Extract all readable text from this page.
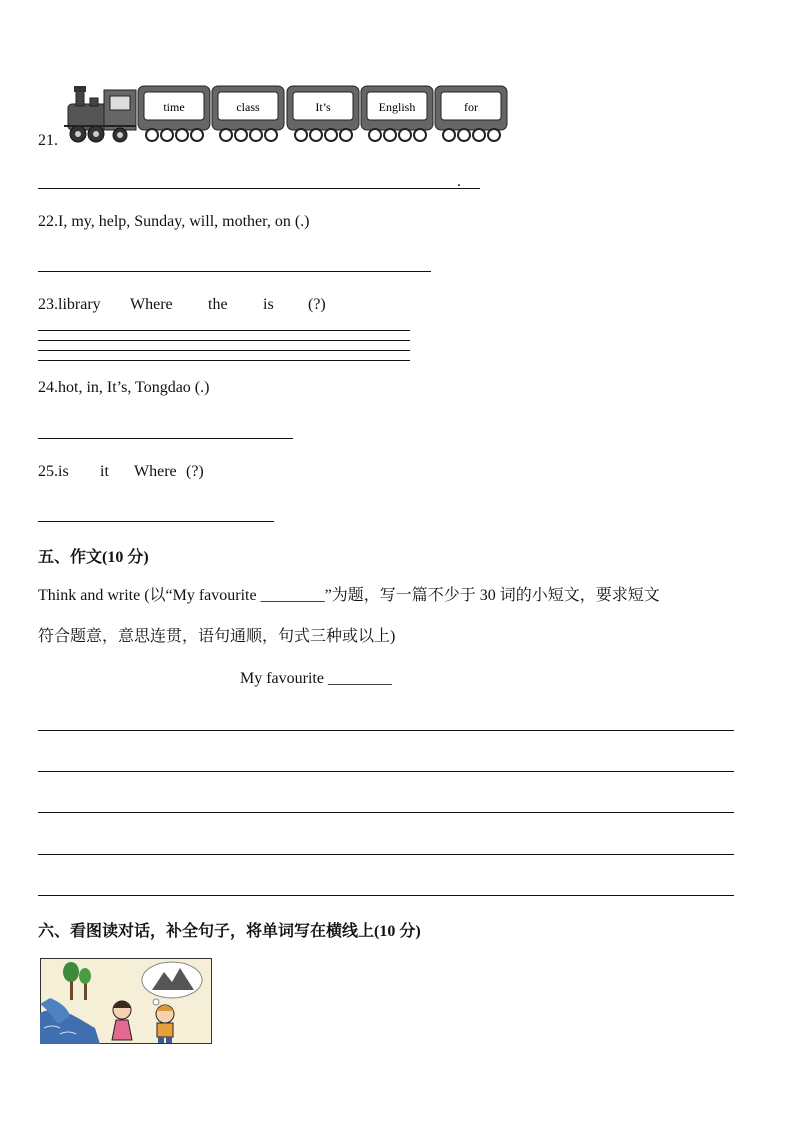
time	class	It’s	English	for
21.
.
22.I, my, help, Sunday, will, mother, on (.)
23.library Where the is (?)
24.hot, in, It’s, Tongdao (.)
25.is it Where (?)
五、作文(10 分)
Think and write (以“My favourite ________”为题，写一篇不少于 30 词的小短文，要求短文
符合题意，意思连贯，语句通顺，句式三种或以上)
My favourite ________
六、看图读对话，补全句子，将单词写在横线上(10 分)
